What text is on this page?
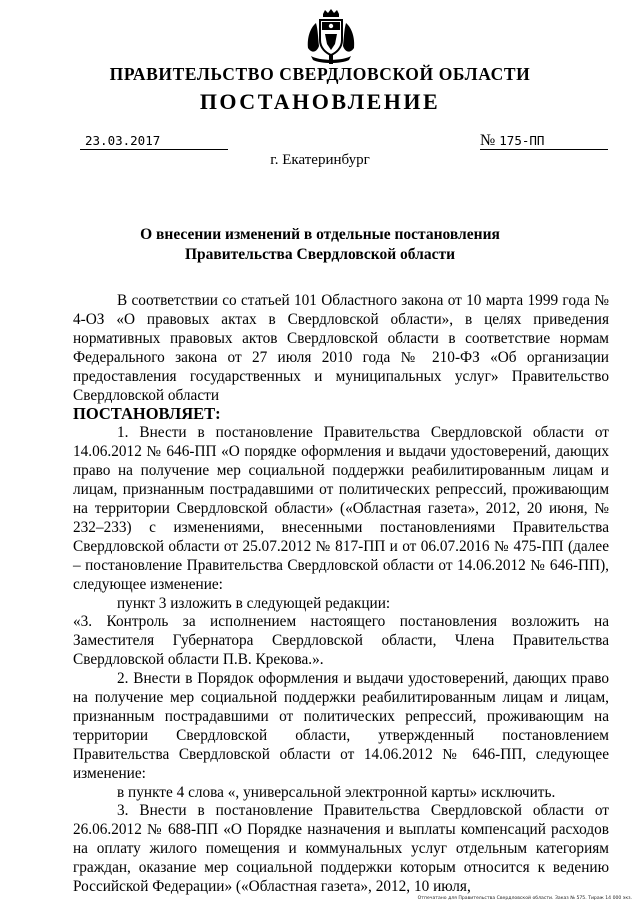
ПРАВИТЕЛЬСТВО СВЕРДЛОВСКОЙ ОБЛАСТИ
ПОСТАНОВЛЕНИЕ
23.03.2017	№ 175-ПП
г. Екатеринбург
О внесении изменений в отдельные постановления
Правительства Свердловской области

В соответствии со статьей 101 Областного закона от 10 марта 1999 года № 4-ОЗ «О правовых актах в Свердловской области», в целях приведения нормативных правовых актов Свердловской области в соответствие нормам Федерального закона от 27 июля 2010 года № 210-ФЗ «Об организации предоставления государственных и муниципальных услуг» Правительство Свердловской области

ПОСТАНОВЛЯЕТ:

1. Внести в постановление Правительства Свердловской области от 14.06.2012 № 646-ПП «О порядке оформления и выдачи удостоверений, дающих право на получение мер социальной поддержки реабилитированным лицам и лицам, признанным пострадавшими от политических репрессий, проживающим на территории Свердловской области» («Областная газета», 2012, 20 июня, № 232–233) с изменениями, внесенными постановлениями Правительства Свердловской области от 25.07.2012 № 817-ПП и от 06.07.2016 № 475-ПП (далее – постановление Правительства Свердловской области от 14.06.2012 № 646-ПП), следующее изменение:

пункт 3 изложить в следующей редакции:

«3. Контроль за исполнением настоящего постановления возложить на Заместителя Губернатора Свердловской области, Члена Правительства Свердловской области П.В. Крекова.».

2. Внести в Порядок оформления и выдачи удостоверений, дающих право на получение мер социальной поддержки реабилитированным лицам и лицам, признанным пострадавшими от политических репрессий, проживающим на территории Свердловской области, утвержденный постановлением Правительства Свердловской области от 14.06.2012 № 646-ПП, следующее изменение:

в пункте 4 слова «, универсальной электронной карты» исключить.

3. Внести в постановление Правительства Свердловской области от 26.06.2012 № 688-ПП «О Порядке назначения и выплаты компенсаций расходов на оплату жилого помещения и коммунальных услуг отдельным категориям граждан, оказание мер социальной поддержки которым относится к ведению Российской Федерации» («Областная газета», 2012, 10 июля,

Отпечатано для Правительства Свердловской области. Заказ № 575. Тираж 14 000 экз.
